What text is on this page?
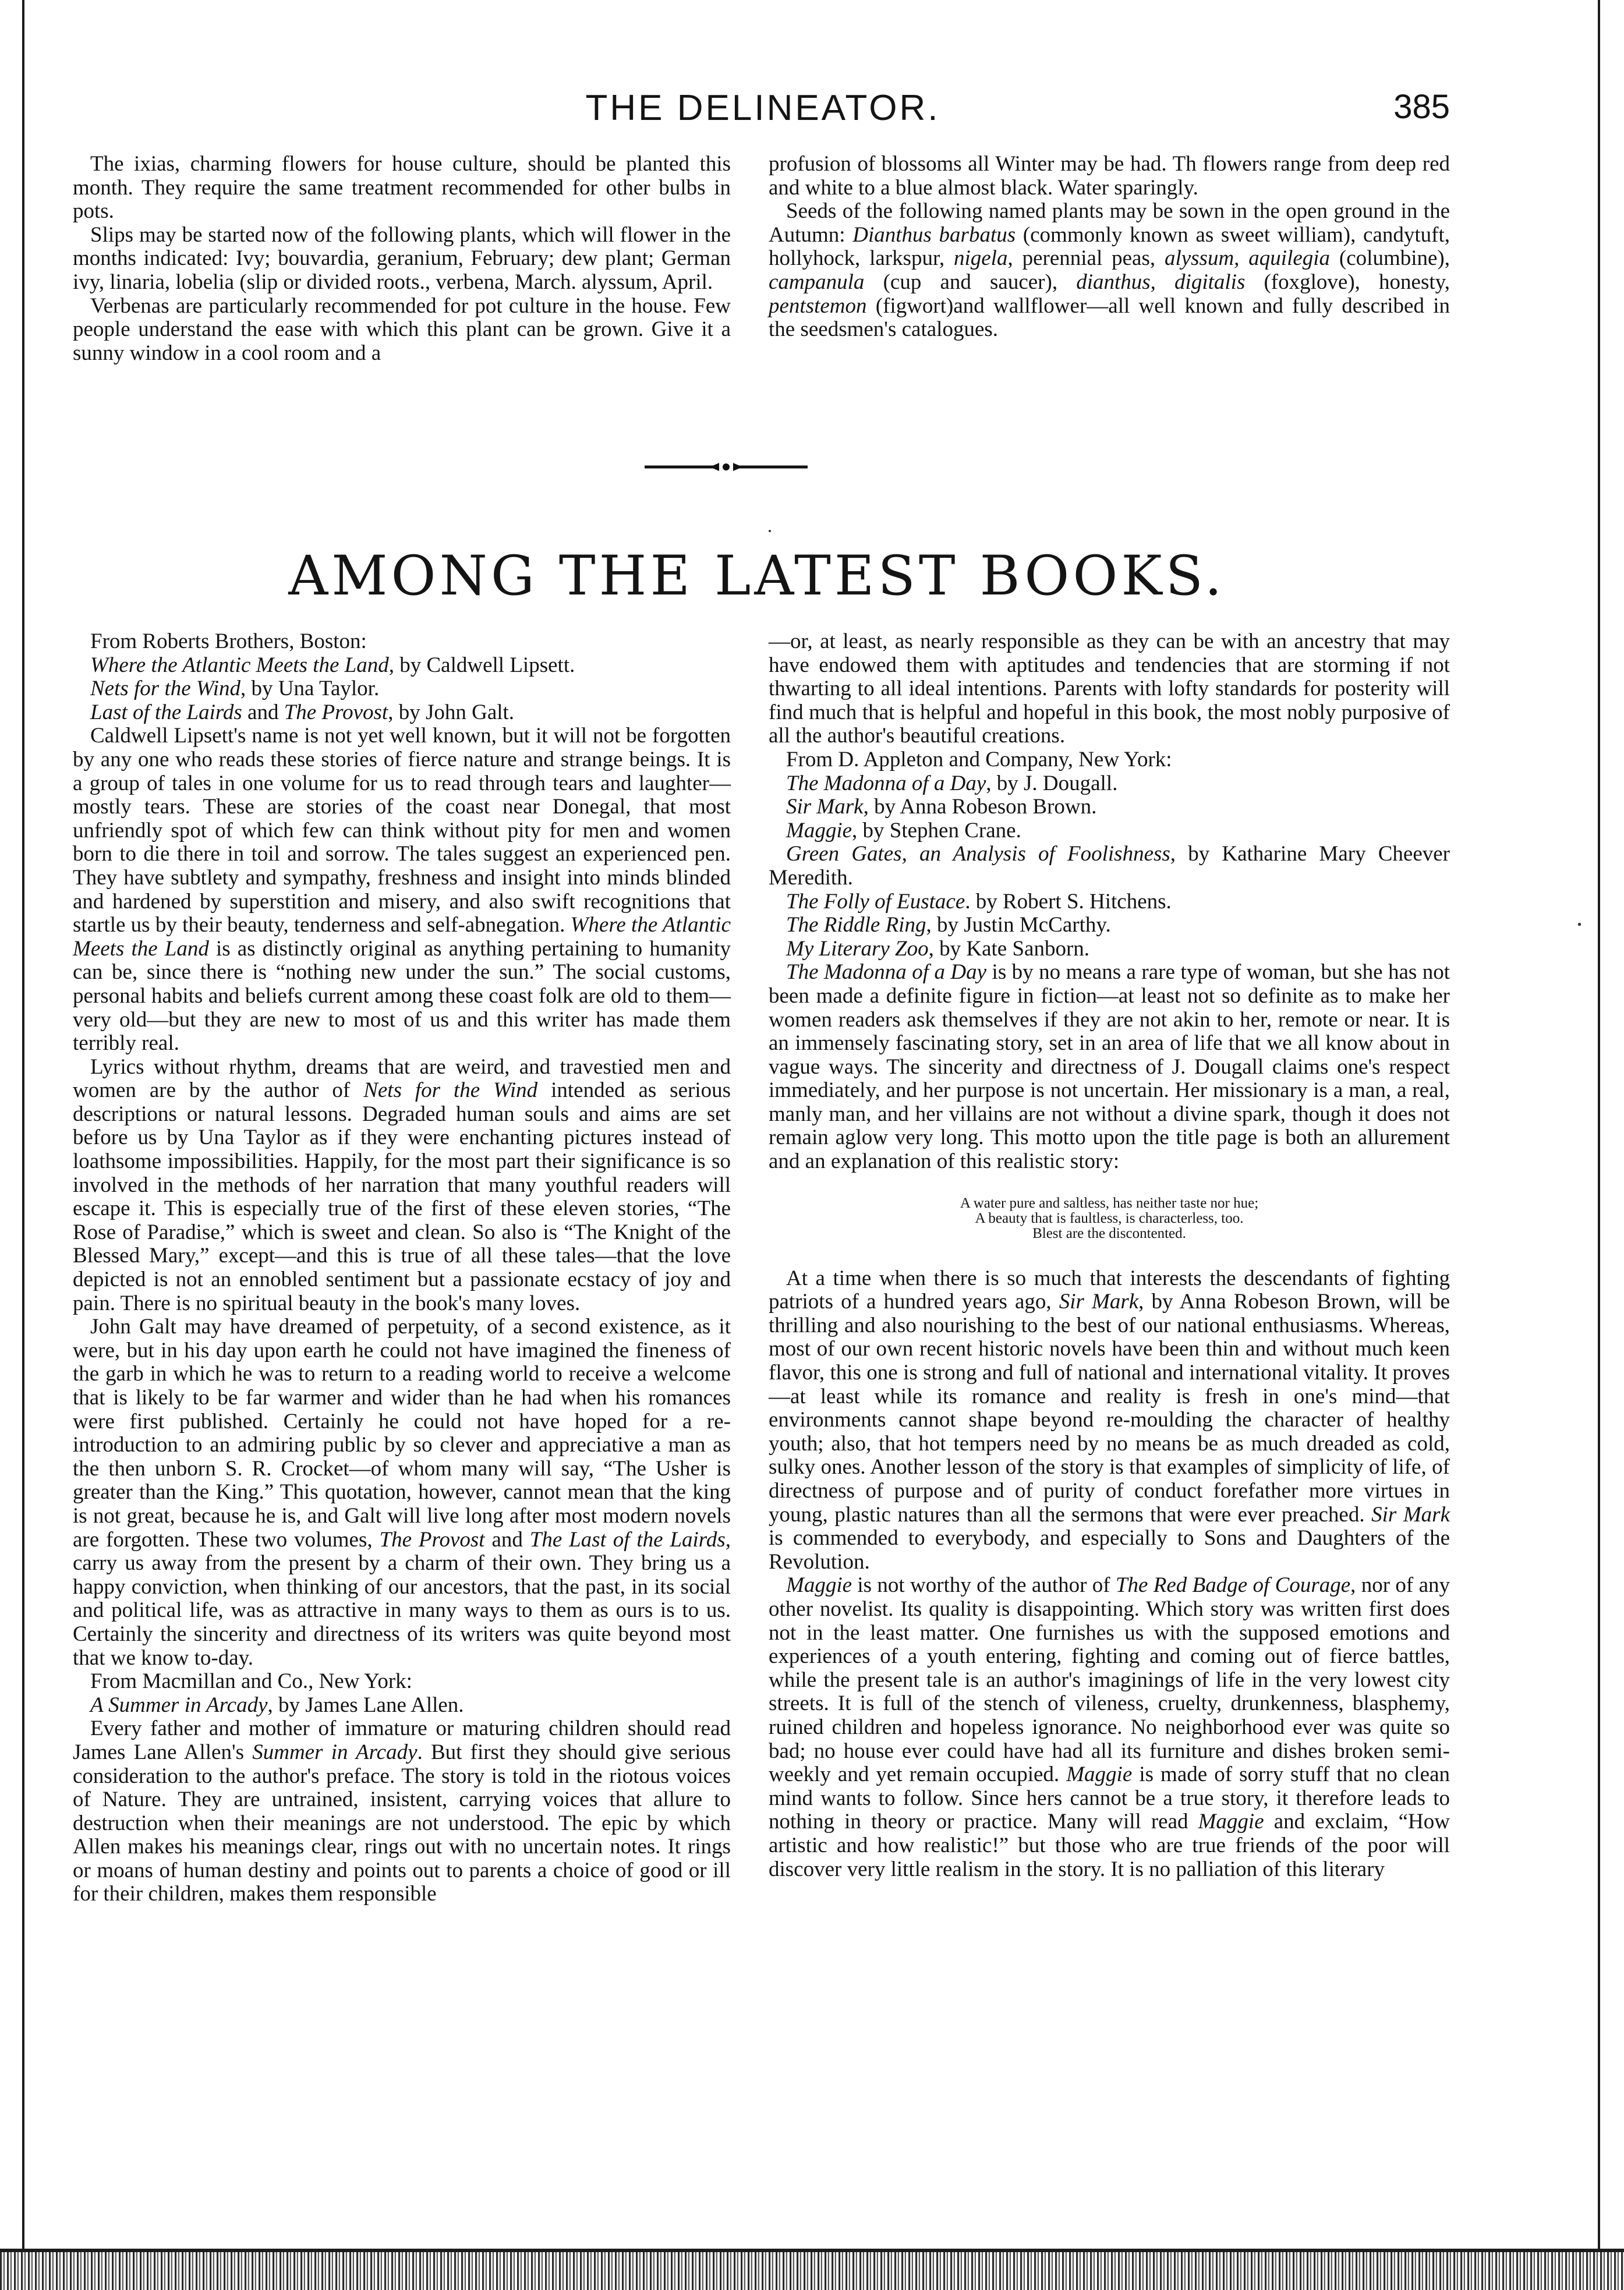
THE DELINEATOR.	385

The ixias, charming flowers for house culture, should be planted this month. They require the same treatment recommended for other bulbs in pots.

Slips may be started now of the following plants, which will flower in the months indicated: Ivy; bouvardia, geranium, February; dew plant; German ivy, linaria, lobelia (slip or divided roots., verbena, March. alyssum, April.

Verbenas are particularly recommended for pot culture in the house. Few people understand the ease with which this plant can be grown. Give it a sunny window in a cool room and a

profusion of blossoms all Winter may be had. Th flowers range from deep red and white to a blue almost black. Water sparingly.

Seeds of the following named plants may be sown in the open ground in the Autumn: Dianthus barbatus (commonly known as sweet william), candytuft, hollyhock, larkspur, nigela, perennial peas, alyssum, aquilegia (columbine), campanula (cup and saucer), dianthus, digitalis (foxglove), honesty, pentstemon (figwort)and wallflower—all well known and fully described in the seedsmen's catalogues.

AMONG THE LATEST BOOKS.

From Roberts Brothers, Boston:

Where the Atlantic Meets the Land, by Caldwell Lipsett.

Nets for the Wind, by Una Taylor.

Last of the Lairds and The Provost, by John Galt.

Caldwell Lipsett's name is not yet well known, but it will not be forgotten by any one who reads these stories of fierce nature and strange beings. It is a group of tales in one volume for us to read through tears and laughter—mostly tears. These are stories of the coast near Donegal, that most unfriendly spot of which few can think without pity for men and women born to die there in toil and sorrow. The tales suggest an experienced pen. They have subtlety and sympathy, freshness and insight into minds blinded and hardened by superstition and misery, and also swift recognitions that startle us by their beauty, tenderness and self-abnegation. Where the Atlantic Meets the Land is as distinctly original as anything pertaining to humanity can be, since there is “nothing new under the sun.” The social customs, personal habits and beliefs current among these coast folk are old to them—very old—but they are new to most of us and this writer has made them terribly real.

Lyrics without rhythm, dreams that are weird, and travestied men and women are by the author of Nets for the Wind intended as serious descriptions or natural lessons. Degraded human souls and aims are set before us by Una Taylor as if they were enchanting pictures instead of loathsome impossibilities. Happily, for the most part their significance is so involved in the methods of her narration that many youthful readers will escape it. This is especially true of the first of these eleven stories, “The Rose of Paradise,” which is sweet and clean. So also is “The Knight of the Blessed Mary,” except—and this is true of all these tales—that the love depicted is not an ennobled sentiment but a passionate ecstacy of joy and pain. There is no spiritual beauty in the book's many loves.

John Galt may have dreamed of perpetuity, of a second existence, as it were, but in his day upon earth he could not have imagined the fineness of the garb in which he was to return to a reading world to receive a welcome that is likely to be far warmer and wider than he had when his romances were first published. Certainly he could not have hoped for a re-introduction to an admiring public by so clever and appreciative a man as the then unborn S. R. Crocket—of whom many will say, “The Usher is greater than the King.” This quotation, however, cannot mean that the king is not great, because he is, and Galt will live long after most modern novels are forgotten. These two volumes, The Provost and The Last of the Lairds, carry us away from the present by a charm of their own. They bring us a happy conviction, when thinking of our ancestors, that the past, in its social and political life, was as attractive in many ways to them as ours is to us. Certainly the sincerity and directness of its writers was quite beyond most that we know to-day.

From Macmillan and Co., New York:

A Summer in Arcady, by James Lane Allen.

Every father and mother of immature or maturing children should read James Lane Allen's Summer in Arcady. But first they should give serious consideration to the author's preface. The story is told in the riotous voices of Nature. They are untrained, insistent, carrying voices that allure to destruction when their meanings are not understood. The epic by which Allen makes his meanings clear, rings out with no uncertain notes. It rings or moans of human destiny and points out to parents a choice of good or ill for their children, makes them responsible

—or, at least, as nearly responsible as they can be with an ancestry that may have endowed them with aptitudes and tendencies that are storming if not thwarting to all ideal intentions. Parents with lofty standards for posterity will find much that is helpful and hopeful in this book, the most nobly purposive of all the author's beautiful creations.

From D. Appleton and Company, New York:

The Madonna of a Day, by J. Dougall.

Sir Mark, by Anna Robeson Brown.

Maggie, by Stephen Crane.

Green Gates, an Analysis of Foolishness, by Katharine Mary Cheever Meredith.

The Folly of Eustace. by Robert S. Hitchens.

The Riddle Ring, by Justin McCarthy.

My Literary Zoo, by Kate Sanborn.

The Madonna of a Day is by no means a rare type of woman, but she has not been made a definite figure in fiction—at least not so definite as to make her women readers ask themselves if they are not akin to her, remote or near. It is an immensely fascinating story, set in an area of life that we all know about in vague ways. The sincerity and directness of J. Dougall claims one's respect immediately, and her purpose is not uncertain. Her missionary is a man, a real, manly man, and her villains are not without a divine spark, though it does not remain aglow very long. This motto upon the title page is both an allurement and an explanation of this realistic story:

A water pure and saltless, has neither taste nor hue;
A beauty that is faultless, is characterless, too.
Blest are the discontented.

At a time when there is so much that interests the descendants of fighting patriots of a hundred years ago, Sir Mark, by Anna Robeson Brown, will be thrilling and also nourishing to the best of our national enthusiasms. Whereas, most of our own recent historic novels have been thin and without much keen flavor, this one is strong and full of national and international vitality. It proves—at least while its romance and reality is fresh in one's mind—that environments cannot shape beyond re-moulding the character of healthy youth; also, that hot tempers need by no means be as much dreaded as cold, sulky ones. Another lesson of the story is that examples of simplicity of life, of directness of purpose and of purity of conduct forefather more virtues in young, plastic natures than all the sermons that were ever preached. Sir Mark is commended to everybody, and especially to Sons and Daughters of the Revolution.

Maggie is not worthy of the author of The Red Badge of Courage, nor of any other novelist. Its quality is disappointing. Which story was written first does not in the least matter. One furnishes us with the supposed emotions and experiences of a youth entering, fighting and coming out of fierce battles, while the present tale is an author's imaginings of life in the very lowest city streets. It is full of the stench of vileness, cruelty, drunkenness, blasphemy, ruined children and hopeless ignorance. No neighborhood ever was quite so bad; no house ever could have had all its furniture and dishes broken semi-weekly and yet remain occupied. Maggie is made of sorry stuff that no clean mind wants to follow. Since hers cannot be a true story, it therefore leads to nothing in theory or practice. Many will read Maggie and exclaim, “How artistic and how realistic!” but those who are true friends of the poor will discover very little realism in the story. It is no palliation of this literary
